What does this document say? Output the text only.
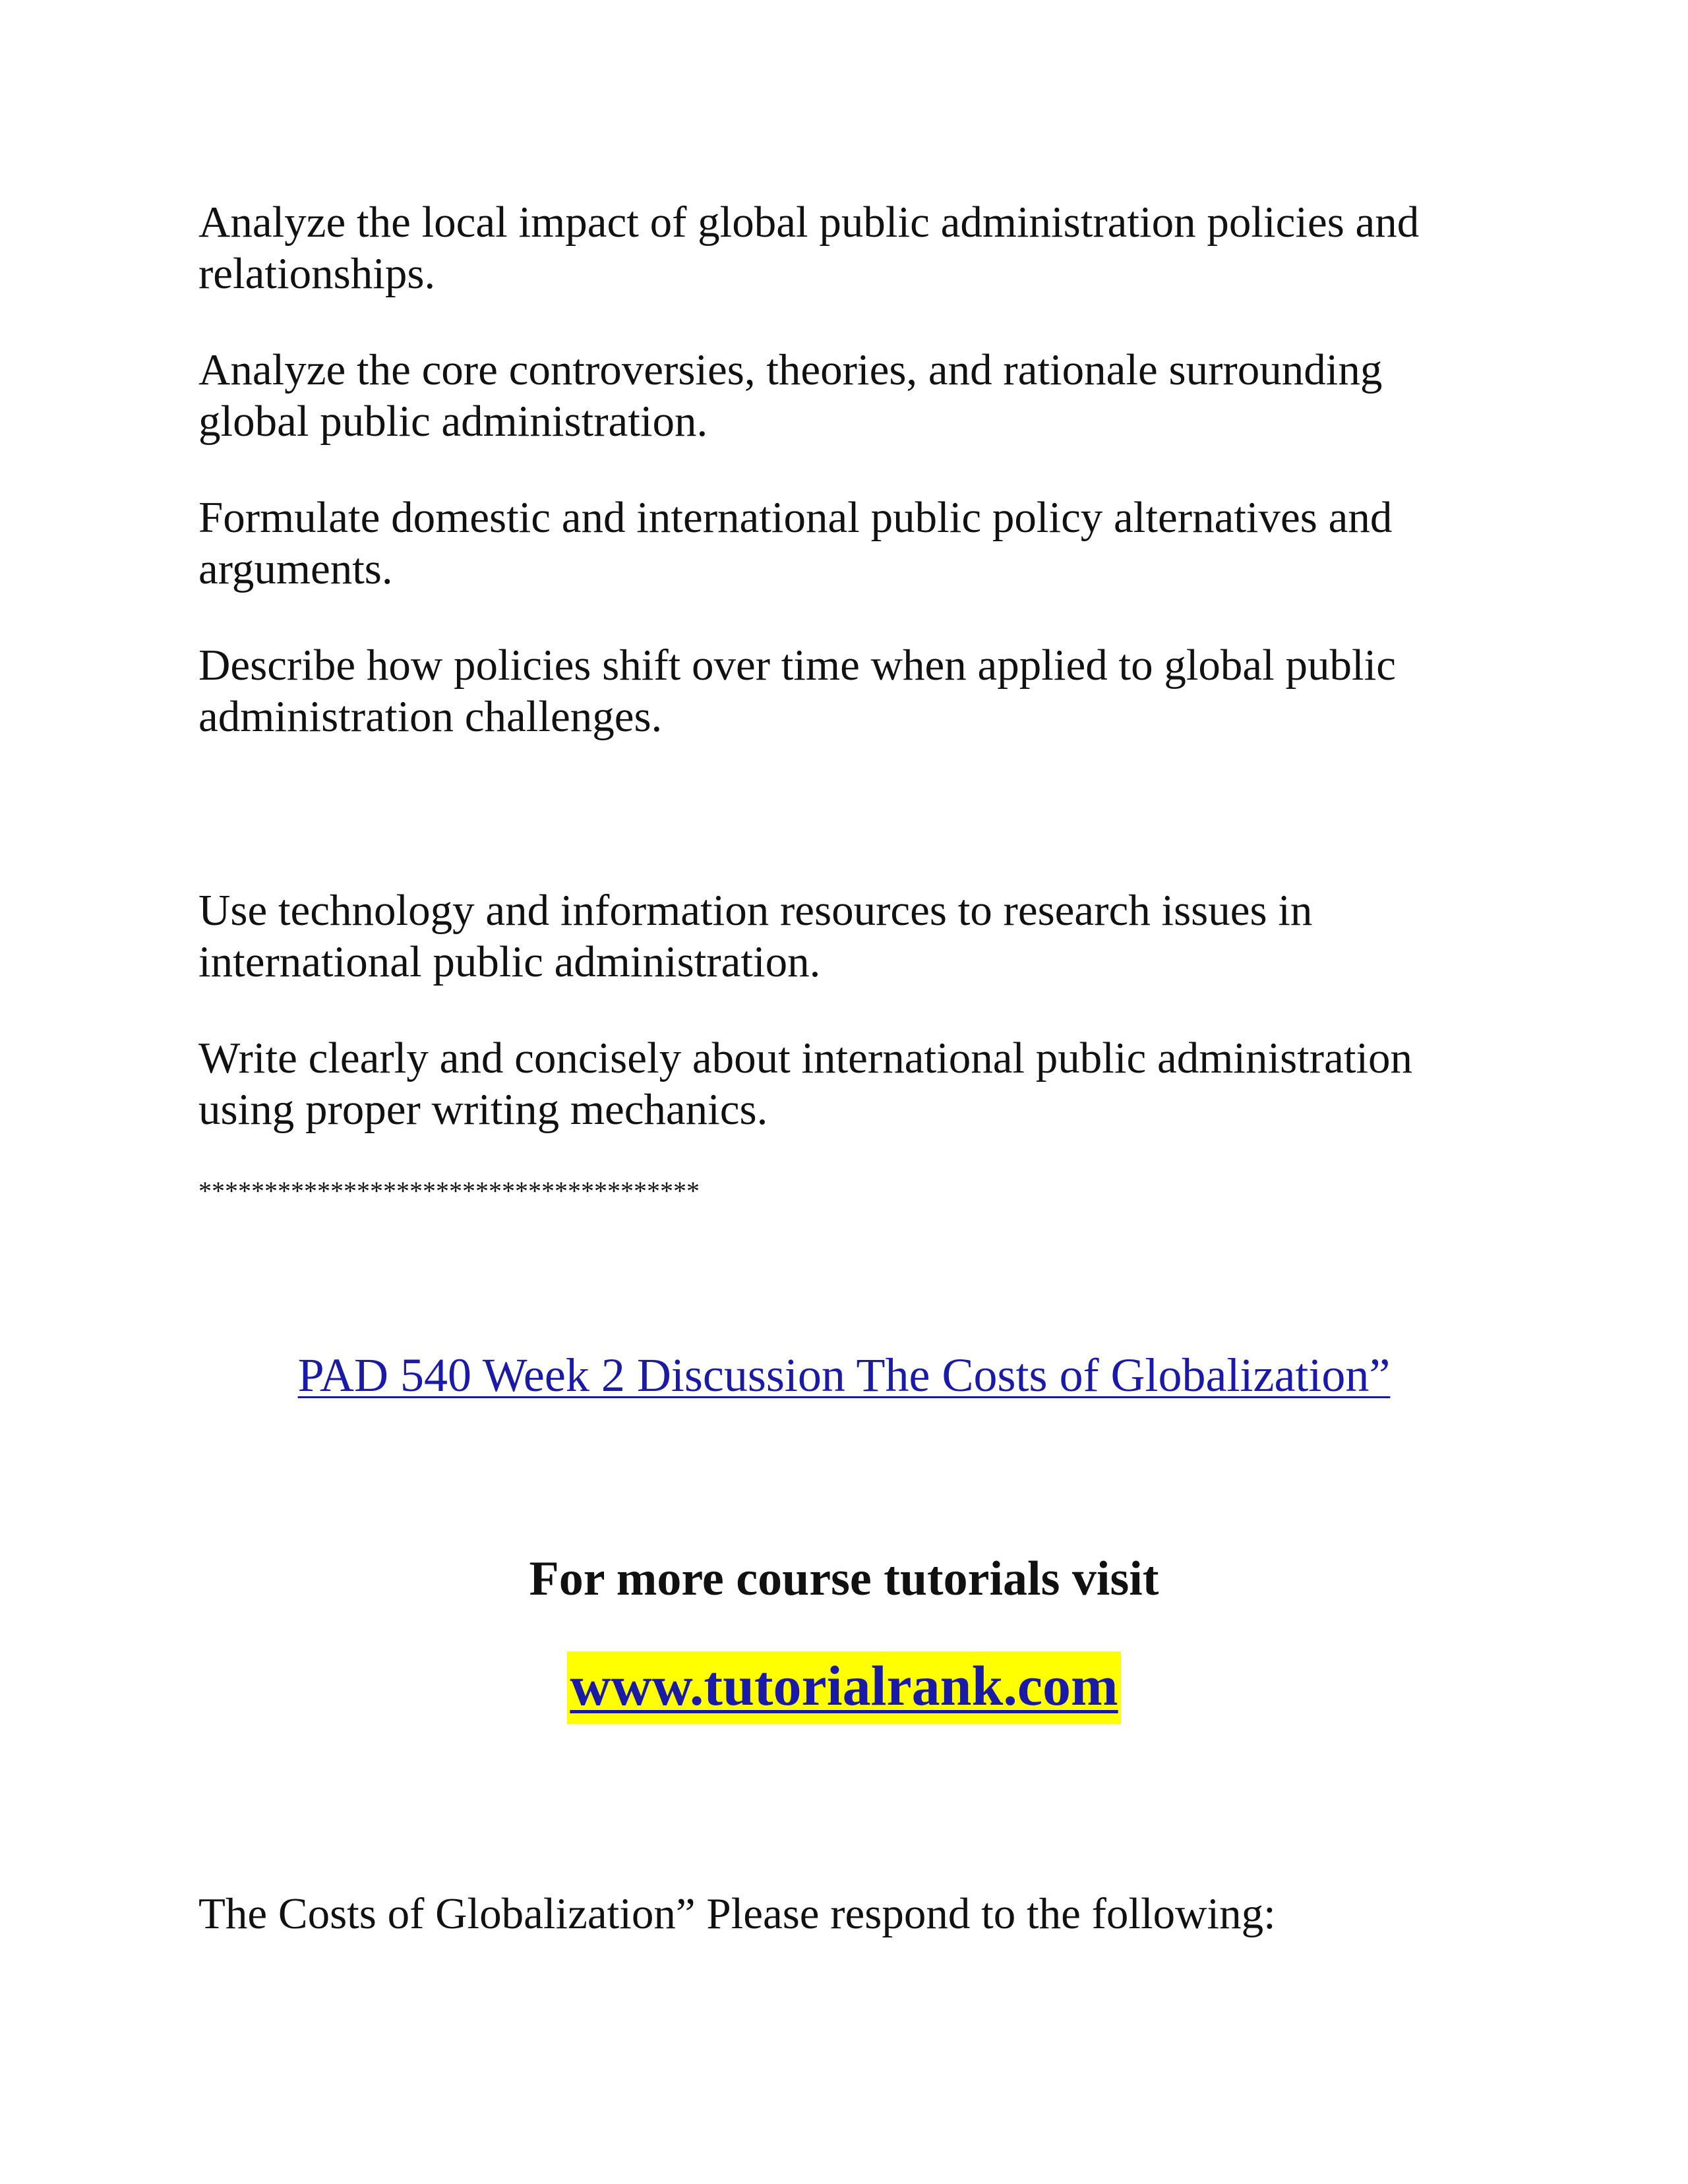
Analyze the local impact of global public administration policies and
relationships.

Analyze the core controversies, theories, and rationale surrounding
global public administration.

Formulate domestic and international public policy alternatives and
arguments.

Describe how policies shift over time when applied to global public
administration challenges.

Use technology and information resources to research issues in
international public administration.

Write clearly and concisely about international public administration
using proper writing mechanics.

**************************************
PAD 540 Week 2 Discussion The Costs of Globalization”
For more course tutorials visit
www.tutorialrank.com

The Costs of Globalization” Please respond to the following:
